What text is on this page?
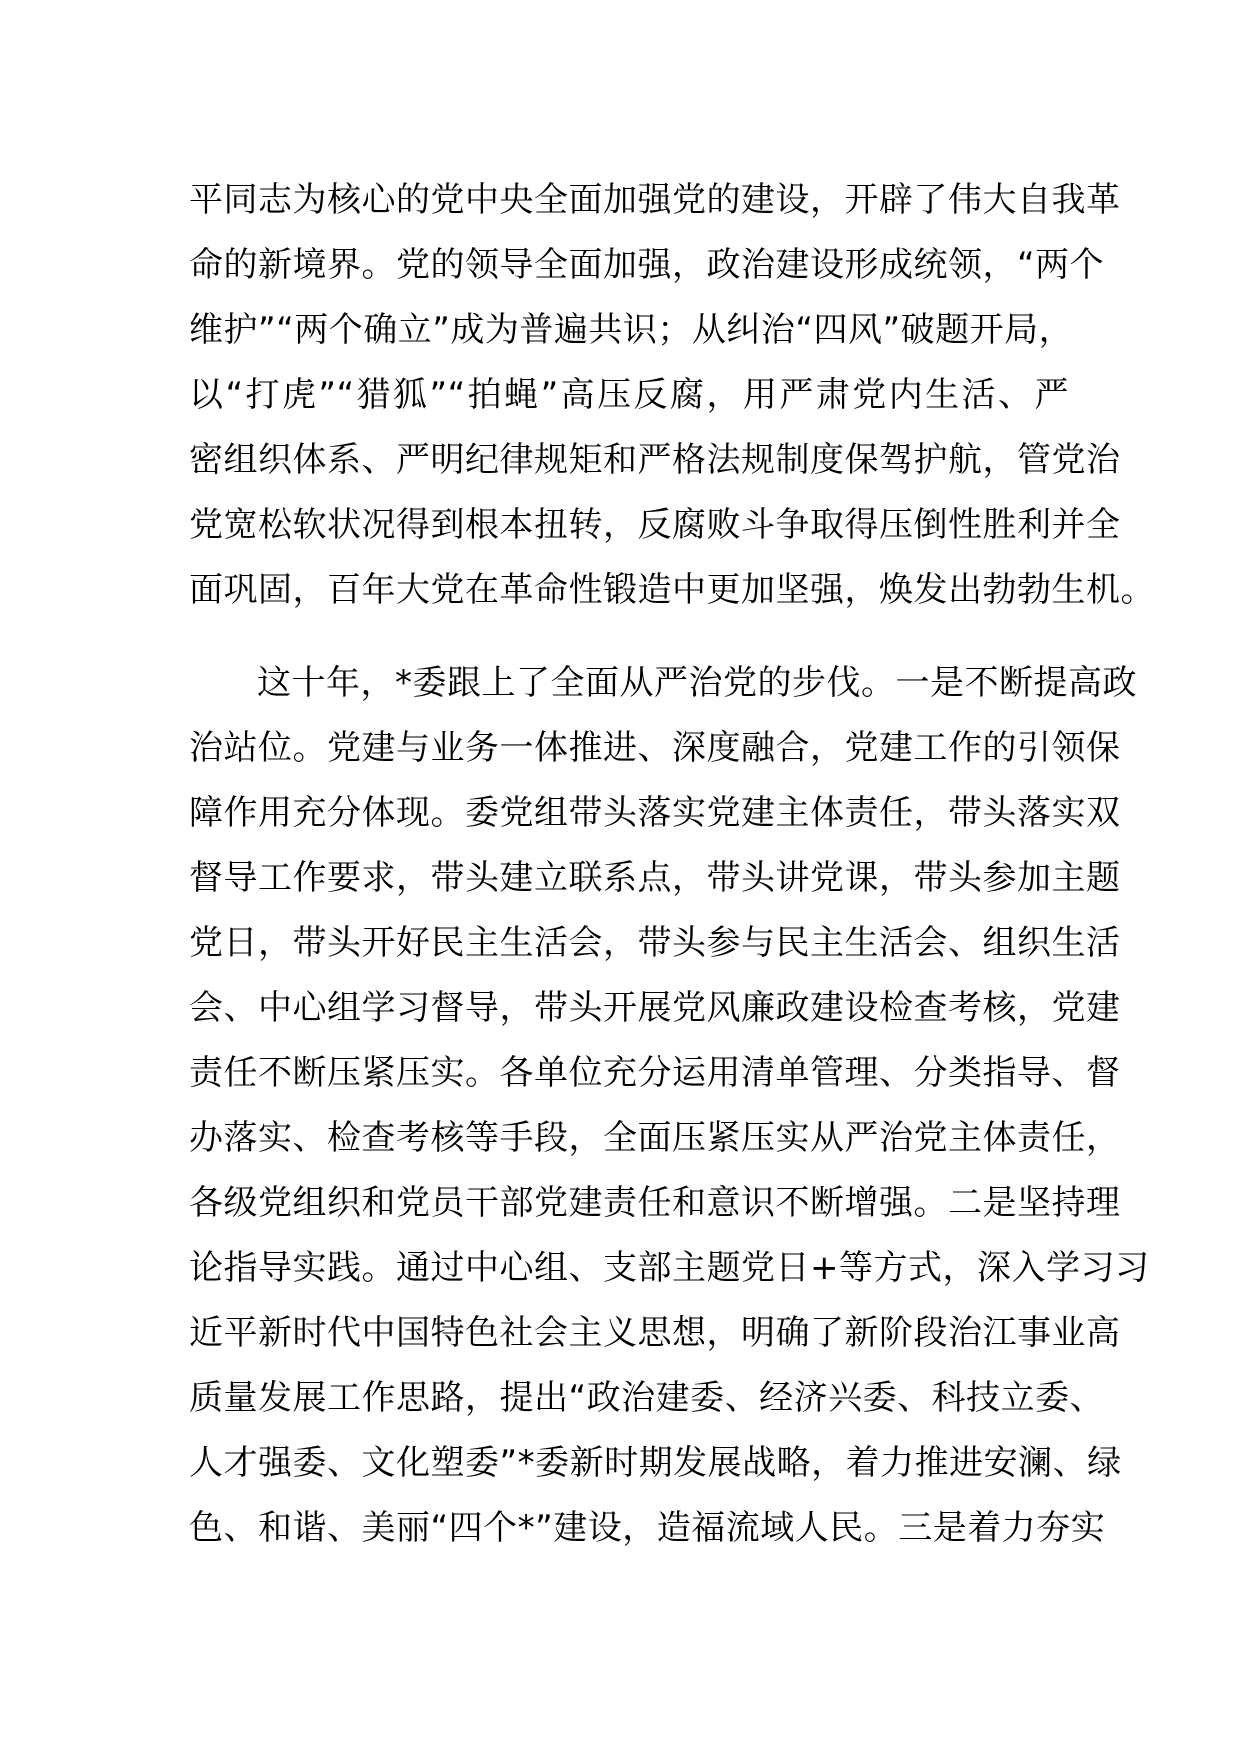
平同志为核心的党中央全面加强党的建设，开辟了伟大自我革
命的新境界。党的领导全面加强，政治建设形成统领，“两个
维护”“两个确立”成为普遍共识；从纠治“四风”破题开局，
以“打虎”“猎狐”“拍蝇”高压反腐，用严肃党内生活、严
密组织体系、严明纪律规矩和严格法规制度保驾护航，管党治
党宽松软状况得到根本扭转，反腐败斗争取得压倒性胜利并全
面巩固，百年大党在革命性锻造中更加坚强，焕发出勃勃生机。
这十年，*委跟上了全面从严治党的步伐。一是不断提高政
治站位。党建与业务一体推进、深度融合，党建工作的引领保
障作用充分体现。委党组带头落实党建主体责任，带头落实双
督导工作要求，带头建立联系点，带头讲党课，带头参加主题
党日，带头开好民主生活会，带头参与民主生活会、组织生活
会、中心组学习督导，带头开展党风廉政建设检查考核，党建
责任不断压紧压实。各单位充分运用清单管理、分类指导、督
办落实、检查考核等手段，全面压紧压实从严治党主体责任，
各级党组织和党员干部党建责任和意识不断增强。二是坚持理
论指导实践。通过中心组、支部主题党日+等方式，深入学习习
近平新时代中国特色社会主义思想，明确了新阶段治江事业高
质量发展工作思路，提出“政治建委、经济兴委、科技立委、
人才强委、文化塑委”*委新时期发展战略，着力推进安澜、绿
色、和谐、美丽“四个*”建设，造福流域人民。三是着力夯实
